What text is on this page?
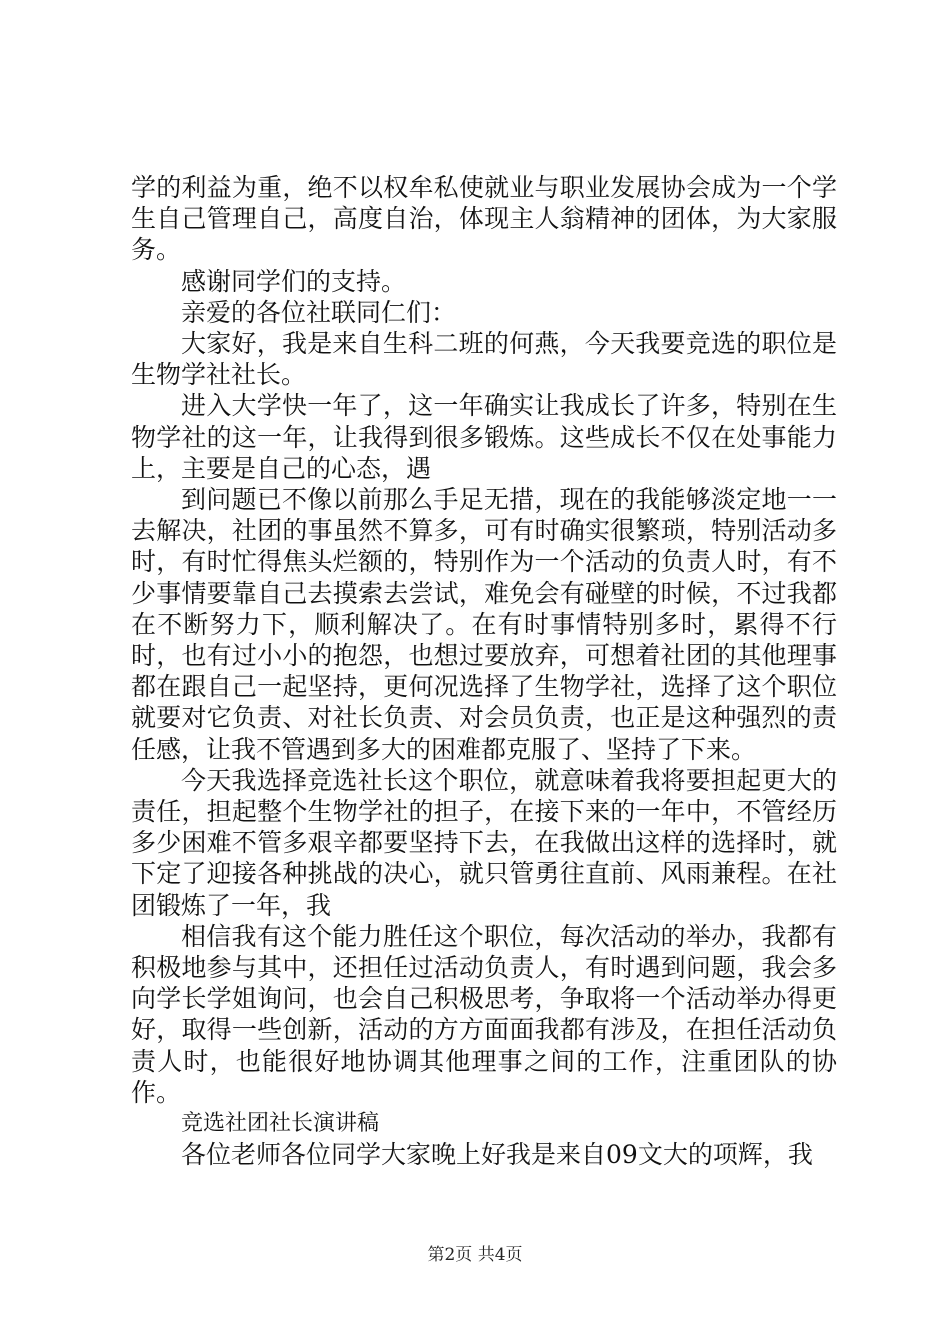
学的利益为重，绝不以权牟私使就业与职业发展协会成为一个学生自己管理自己，高度自治，体现主人翁精神的团体，为大家服务。

感谢同学们的支持。

亲爱的各位社联同仁们：

大家好，我是来自生科二班的何燕，今天我要竞选的职位是生物学社社长。

进入大学快一年了，这一年确实让我成长了许多，特别在生物学社的这一年，让我得到很多锻炼。这些成长不仅在处事能力上，主要是自己的心态，遇

到问题已不像以前那么手足无措，现在的我能够淡定地一一去解决，社团的事虽然不算多，可有时确实很繁琐，特别活动多时，有时忙得焦头烂额的，特别作为一个活动的负责人时，有不少事情要靠自己去摸索去尝试，难免会有碰壁的时候，不过我都在不断努力下，顺利解决了。在有时事情特别多时，累得不行时，也有过小小的抱怨，也想过要放弃，可想着社团的其他理事都在跟自己一起坚持，更何况选择了生物学社，选择了这个职位就要对它负责、对社长负责、对会员负责，也正是这种强烈的责任感，让我不管遇到多大的困难都克服了、坚持了下来。

今天我选择竞选社长这个职位，就意味着我将要担起更大的责任，担起整个生物学社的担子，在接下来的一年中，不管经历多少困难不管多艰辛都要坚持下去，在我做出这样的选择时，就下定了迎接各种挑战的决心，就只管勇往直前、风雨兼程。在社团锻炼了一年，我

相信我有这个能力胜任这个职位，每次活动的举办，我都有积极地参与其中，还担任过活动负责人，有时遇到问题，我会多向学长学姐询问，也会自己积极思考，争取将一个活动举办得更好，取得一些创新，活动的方方面面我都有涉及，在担任活动负责人时，也能很好地协调其他理事之间的工作，注重团队的协作。

竞选社团社长演讲稿

各位老师各位同学大家晚上好我是来自09文大的项辉，我

第2页 共4页
